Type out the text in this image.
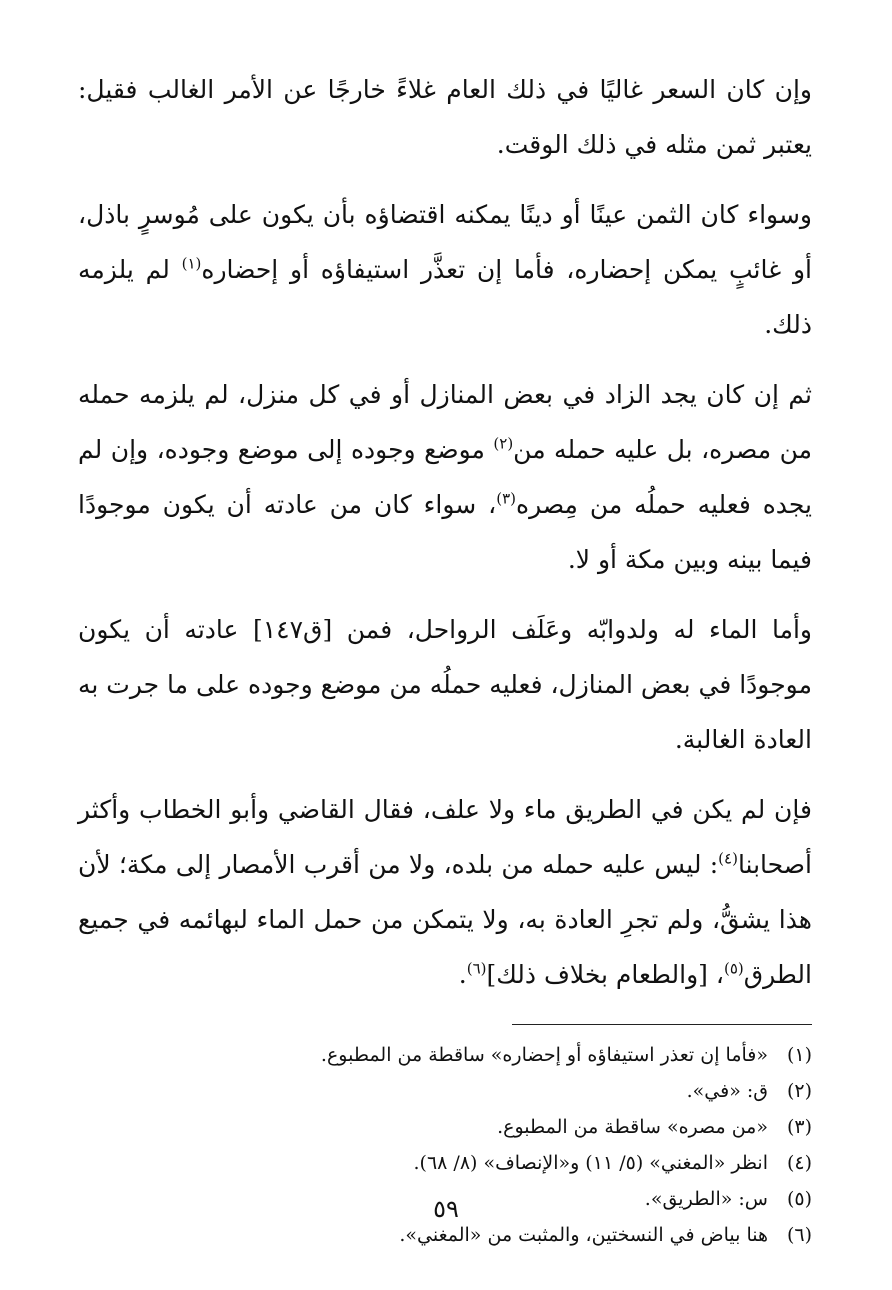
وإن كان السعر غاليًا في ذلك العام غلاءً خارجًا عن الأمر الغالب فقيل: يعتبر ثمن مثله في ذلك الوقت.

وسواء كان الثمن عينًا أو دينًا يمكنه اقتضاؤه بأن يكون على مُوسرٍ باذل، أو غائبٍ يمكن إحضاره، فأما إن تعذَّر استيفاؤه أو إحضاره$^{(١)}$ لم يلزمه ذلك.

ثم إن كان يجد الزاد في بعض المنازل أو في كل منزل، لم يلزمه حمله من مصره، بل عليه حمله من$^{(٢)}$ موضع وجوده إلى موضع وجوده، وإن لم يجده فعليه حملُه من مِصره$^{(٣)}$، سواء كان من عادته أن يكون موجودًا فيما بينه وبين مكة أو لا.

وأما الماء له ولدوابّه وعَلَف الرواحل، فمن [ق١٤٧] عادته أن يكون موجودًا في بعض المنازل، فعليه حملُه من موضع وجوده على ما جرت به العادة الغالبة.

فإن لم يكن في الطريق ماء ولا علف، فقال القاضي وأبو الخطاب وأكثر أصحابنا$^{(٤)}$: ليس عليه حمله من بلده، ولا من أقرب الأمصار إلى مكة؛ لأن هذا يشقُّ، ولم تجرِ العادة به، ولا يتمكن من حمل الماء لبهائمه في جميع الطرق$^{(٥)}$، [والطعام بخلاف ذلك]$^{(٦)}$.

(١)
«فأما إن تعذر استيفاؤه أو إحضاره» ساقطة من المطبوع.
(٢)
ق: «في».
(٣)
«من مصره» ساقطة من المطبوع.
(٤)
انظر «المغني» (٥/ ١١) و«الإنصاف» (٨/ ٦٨).
(٥)
س: «الطريق».
(٦)
هنا بياض في النسختين، والمثبت من «المغني».
٥٩
